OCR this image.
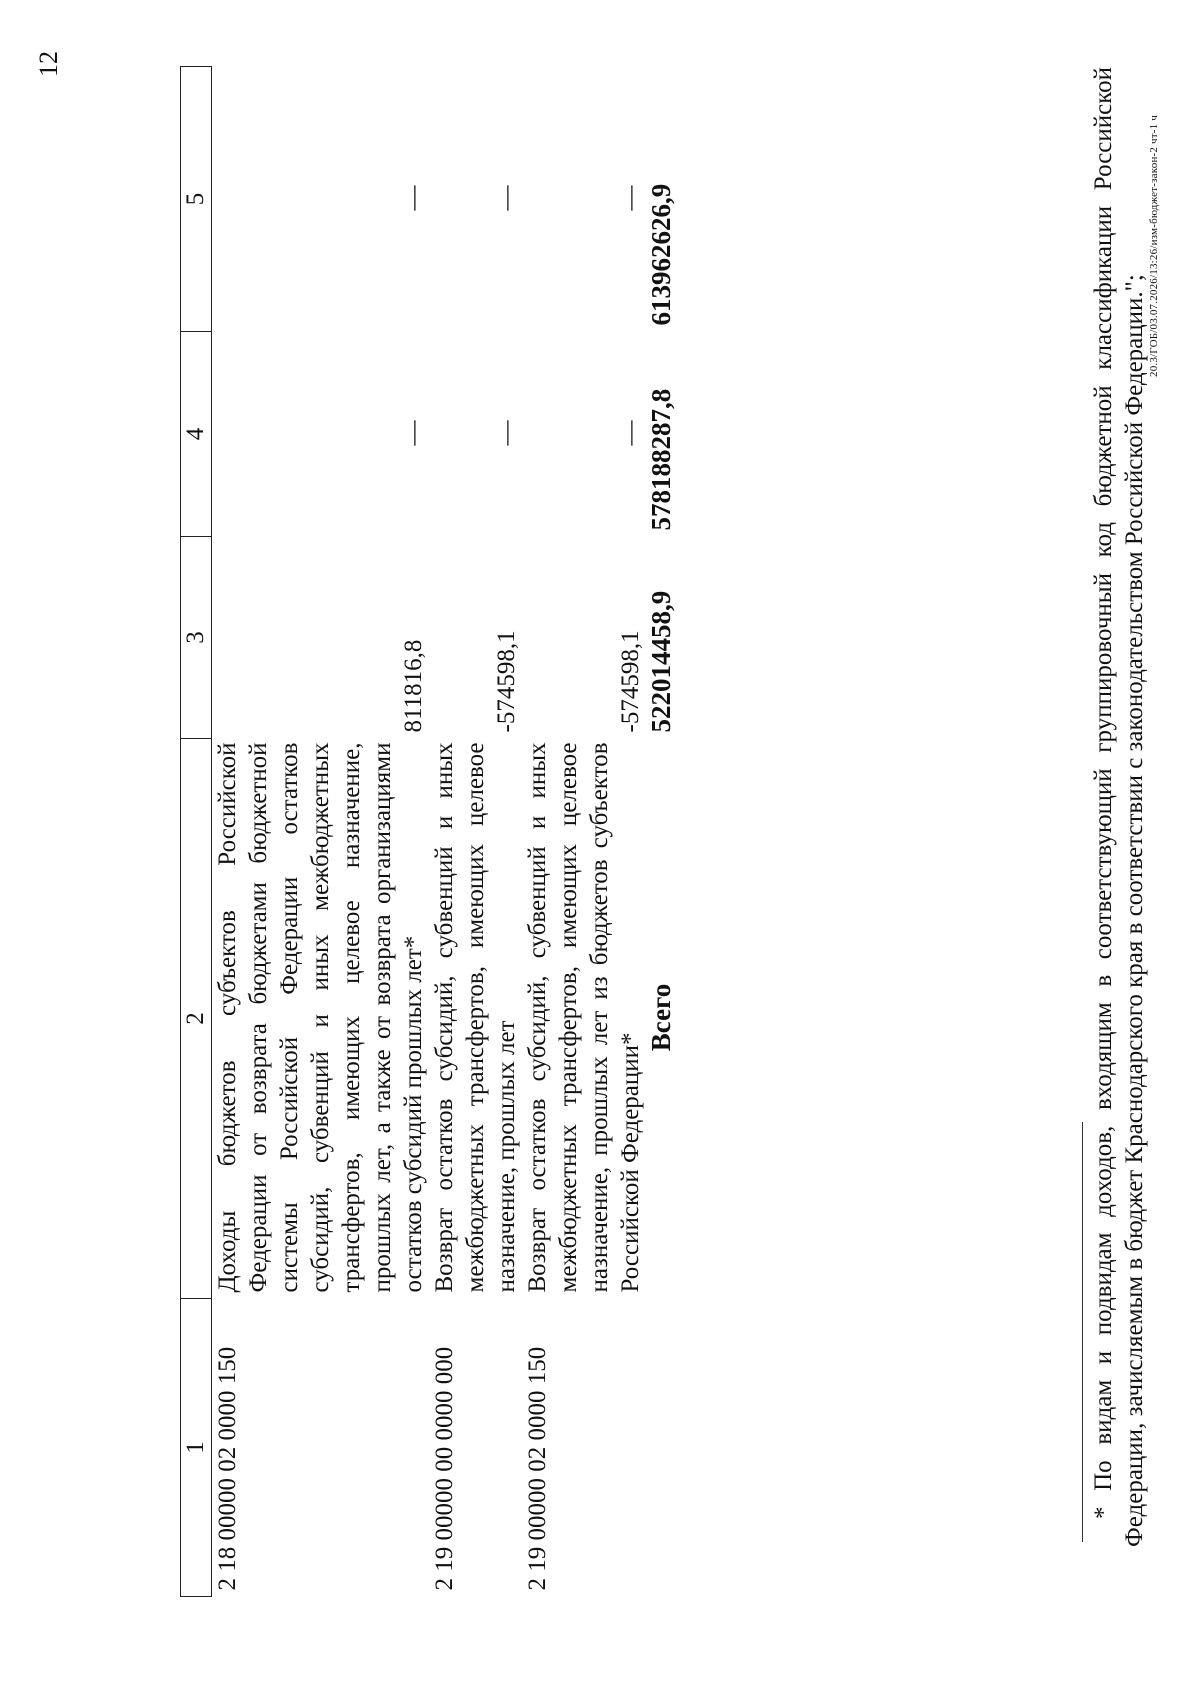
12
1	2	3	4	5
2 18 00000 02 0000 150	Доходы бюджетов субъектов Российской Федерации от возврата бюджетами бюджетной системы Российской Федерации остатков субсидий, субвенций и иных межбюджетных трансфертов, имеющих целевое назначение, прошлых лет, а также от возврата организациями остатков субсидий прошлых лет*	811816,8	—	—
2 19 00000 00 0000 000	Возврат остатков субсидий, субвенций и иных межбюджетных трансфертов, имеющих целевое назначение, прошлых лет	-574598,1	—	—
2 19 00000 02 0000 150	Возврат остатков субсидий, субвенций и иных межбюджетных трансфертов, имеющих целевое назначение, прошлых лет из бюджетов субъектов Российской Федерации*	-574598,1	—	—
	Всего	522014458,9	578188287,8	613962626,9	* По видам и подвидам доходов, входящим в соответствующий группировочный код бюджетной классификации Российской Федерации, зачисляемым в бюджет Краснодарского края в соответствии с законодательством Российской Федерации.";
20.3/ГОБ/03.07.2026/13:26/изм-бюджет-закон-2 чт-1 ч
